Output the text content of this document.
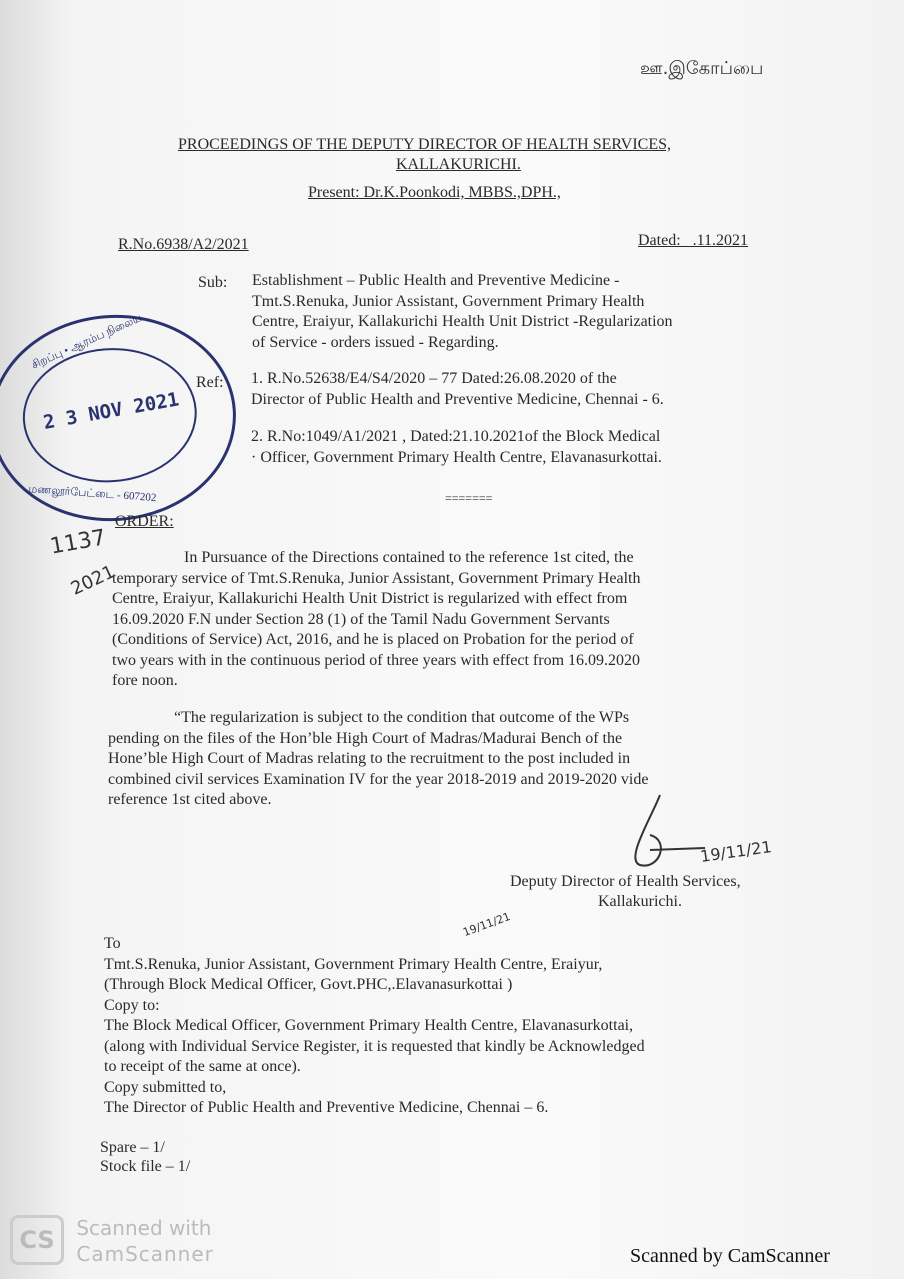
ஊ.இகோப்பை
PROCEEDINGS OF THE DEPUTY DIRECTOR OF HEALTH SERVICES,
KALLAKURICHI.
Present: Dr.K.Poonkodi, MBBS.,DPH.,
R.No.6938/A2/2021	Dated:   .11.2021
Sub: Establishment – Public Health and Preventive Medicine -
Tmt.S.Renuka, Junior Assistant, Government Primary Health
Centre, Eraiyur, Kallakurichi Health Unit District -Regularization
of Service - orders issued - Regarding.
Ref: 1. R.No.52638/E4/S4/2020 – 77 Dated:26.08.2020 of the
Director of Public Health and Preventive Medicine, Chennai - 6.
2. R.No:1049/A1/2021 , Dated:21.10.2021of the Block Medical
· Officer, Government Primary Health Centre, Elavanasurkottai.
=======
சிறப்பு • ஆரம்ப நிலைய
2 3 NOV 2021
மணலூர்பேட்டை - 607202
1137
2021
ORDER:
In Pursuance of the Directions contained to the reference 1st cited, the
temporary service of Tmt.S.Renuka, Junior Assistant, Government Primary Health
Centre, Eraiyur, Kallakurichi Health Unit District is regularized with effect from
16.09.2020 F.N under Section 28 (1) of the Tamil Nadu Government Servants
(Conditions of Service) Act, 2016, and he is placed on Probation for the period of
two years with in the continuous period of three years with effect from 16.09.2020
fore noon.
“The regularization is subject to the condition that outcome of the WPs
pending on the files of the Hon’ble High Court of Madras/Madurai Bench of the
Hone’ble High Court of Madras relating to the recruitment to the post included in
combined civil services Examination IV for the year 2018-2019 and 2019-2020 vide
reference 1st cited above.
19/11/21
Deputy Director of Health Services,
Kallakurichi.
19/11/21
To
Tmt.S.Renuka, Junior Assistant, Government Primary Health Centre, Eraiyur,
(Through Block Medical Officer, Govt.PHC,.Elavanasurkottai )
Copy to:
The Block Medical Officer, Government Primary Health Centre, Elavanasurkottai,
(along with Individual Service Register, it is requested that kindly be Acknowledged
to receipt of the same at once).
Copy submitted to,
The Director of Public Health and Preventive Medicine, Chennai – 6.
Spare – 1/
Stock file – 1/
CS Scanned with
CamScanner	Scanned by CamScanner
